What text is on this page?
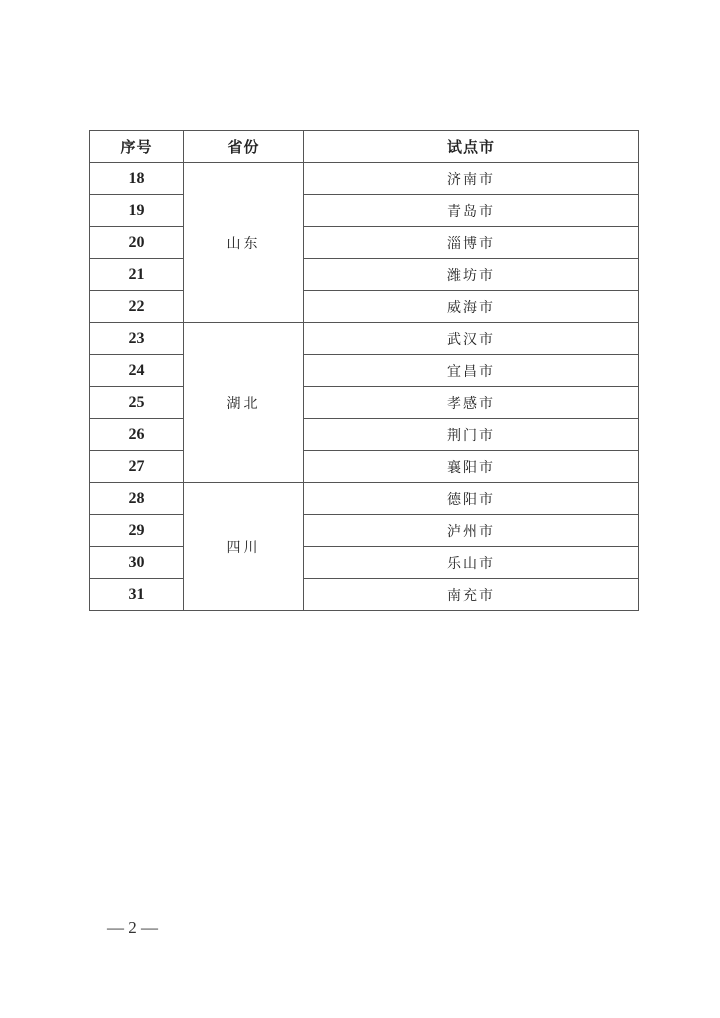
序号	省份	试点市
18	山东	济南市
19		青岛市
20		淄博市
21		潍坊市
22		威海市
23	湖北	武汉市
24		宜昌市
25		孝感市
26		荆门市
27		襄阳市
28	四川	德阳市
29		泸州市
30		乐山市
31		南充市
— 2 —
